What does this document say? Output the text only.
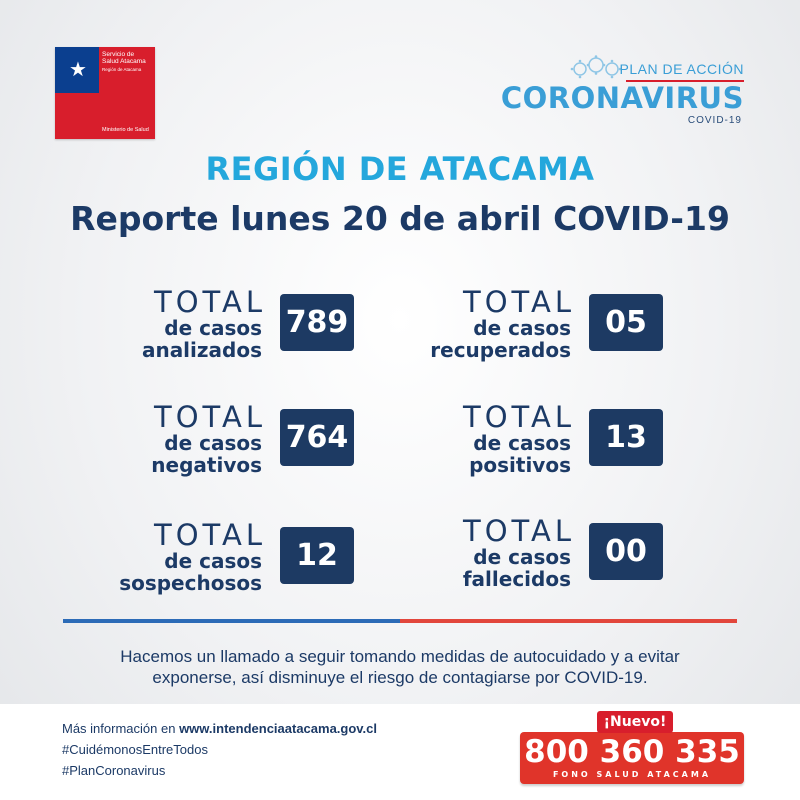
★
Servicio de Salud Atacama
Región de Atacama
Ministerio de Salud
PLAN DE ACCIÓN
CORONAVIRUS
COVID-19
REGIÓN DE ATACAMA
Reporte lunes 20 de abril COVID-19
TOTAL
de casos
analizados
789
TOTAL
de casos
recuperados
05
TOTAL
de casos
negativos
764
TOTAL
de casos
positivos
13
TOTAL
de casos
sospechosos
12
TOTAL
de casos
fallecidos
00
Hacemos un llamado a seguir tomando medidas de autocuidado y a evitar
exponerse, así disminuye el riesgo de contagiarse por COVID-19.
Más información en www.intendenciaatacama.gov.cl
#CuidémonosEntreTodos
#PlanCoronavirus
800 360 335
FONO SALUD ATACAMA
¡Nuevo!
